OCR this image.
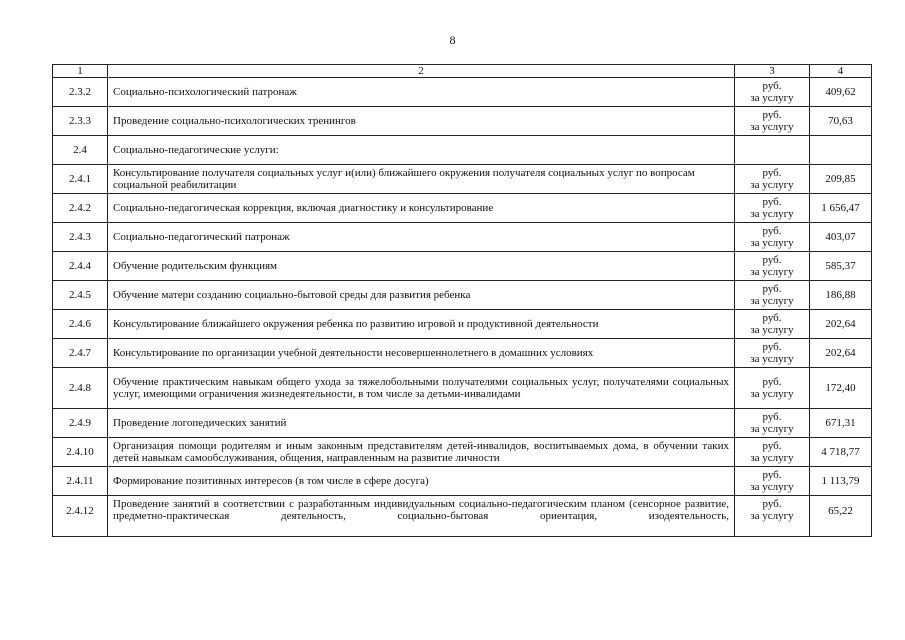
8
1	2	3	4
2.3.2	Социально-психологический патронаж	руб.
за услугу	409,62
2.3.3	Проведение социально-психологических тренингов	руб.
за услугу	70,63
2.4	Социально-педагогические услуги:		
2.4.1	Консультирование получателя социальных услуг и(или) ближайшего окружения получателя социальных услуг по вопросам социальной реабилитации	руб.
за услугу	209,85
2.4.2	Социально-педагогическая коррекция, включая диагностику и консультирование	руб.
за услугу	1 656,47
2.4.3	Социально-педагогический патронаж	руб.
за услугу	403,07
2.4.4	Обучение родительским функциям	руб.
за услугу	585,37
2.4.5	Обучение матери созданию социально-бытовой среды для развития ребенка	руб.
за услугу	186,88
2.4.6	Консультирование ближайшего окружения ребенка по развитию игровой и продуктивной деятельности	руб.
за услугу	202,64
2.4.7	Консультирование по организации учебной деятельности несовершеннолетнего в домашних условиях	руб.
за услугу	202,64
2.4.8	Обучение практическим навыкам общего ухода за тяжелобольными получателями социальных услуг, получателями социальных услуг, имеющими ограничения жизнедеятельности, в том числе за детьми-инвалидами	руб.
за услугу	172,40
2.4.9	Проведение логопедических занятий	руб.
за услугу	671,31
2.4.10	Организация помощи родителям и иным законным представителям детей-инвалидов, воспитываемых дома, в обучении таких детей навыкам самообслуживания, общения, направленным на развитие личности	руб.
за услугу	4 718,77
2.4.11	Формирование позитивных интересов (в том числе в сфере досуга)	руб.
за услугу	1 113,79

2.4.12	Проведение занятий в соответствии с разработанным индивидуальным социально-педагогическим планом (сенсорное развитие, предметно-практическая деятельность, социально-бытовая ориентация, изодеятельность,	руб.
за услугу	65,22
